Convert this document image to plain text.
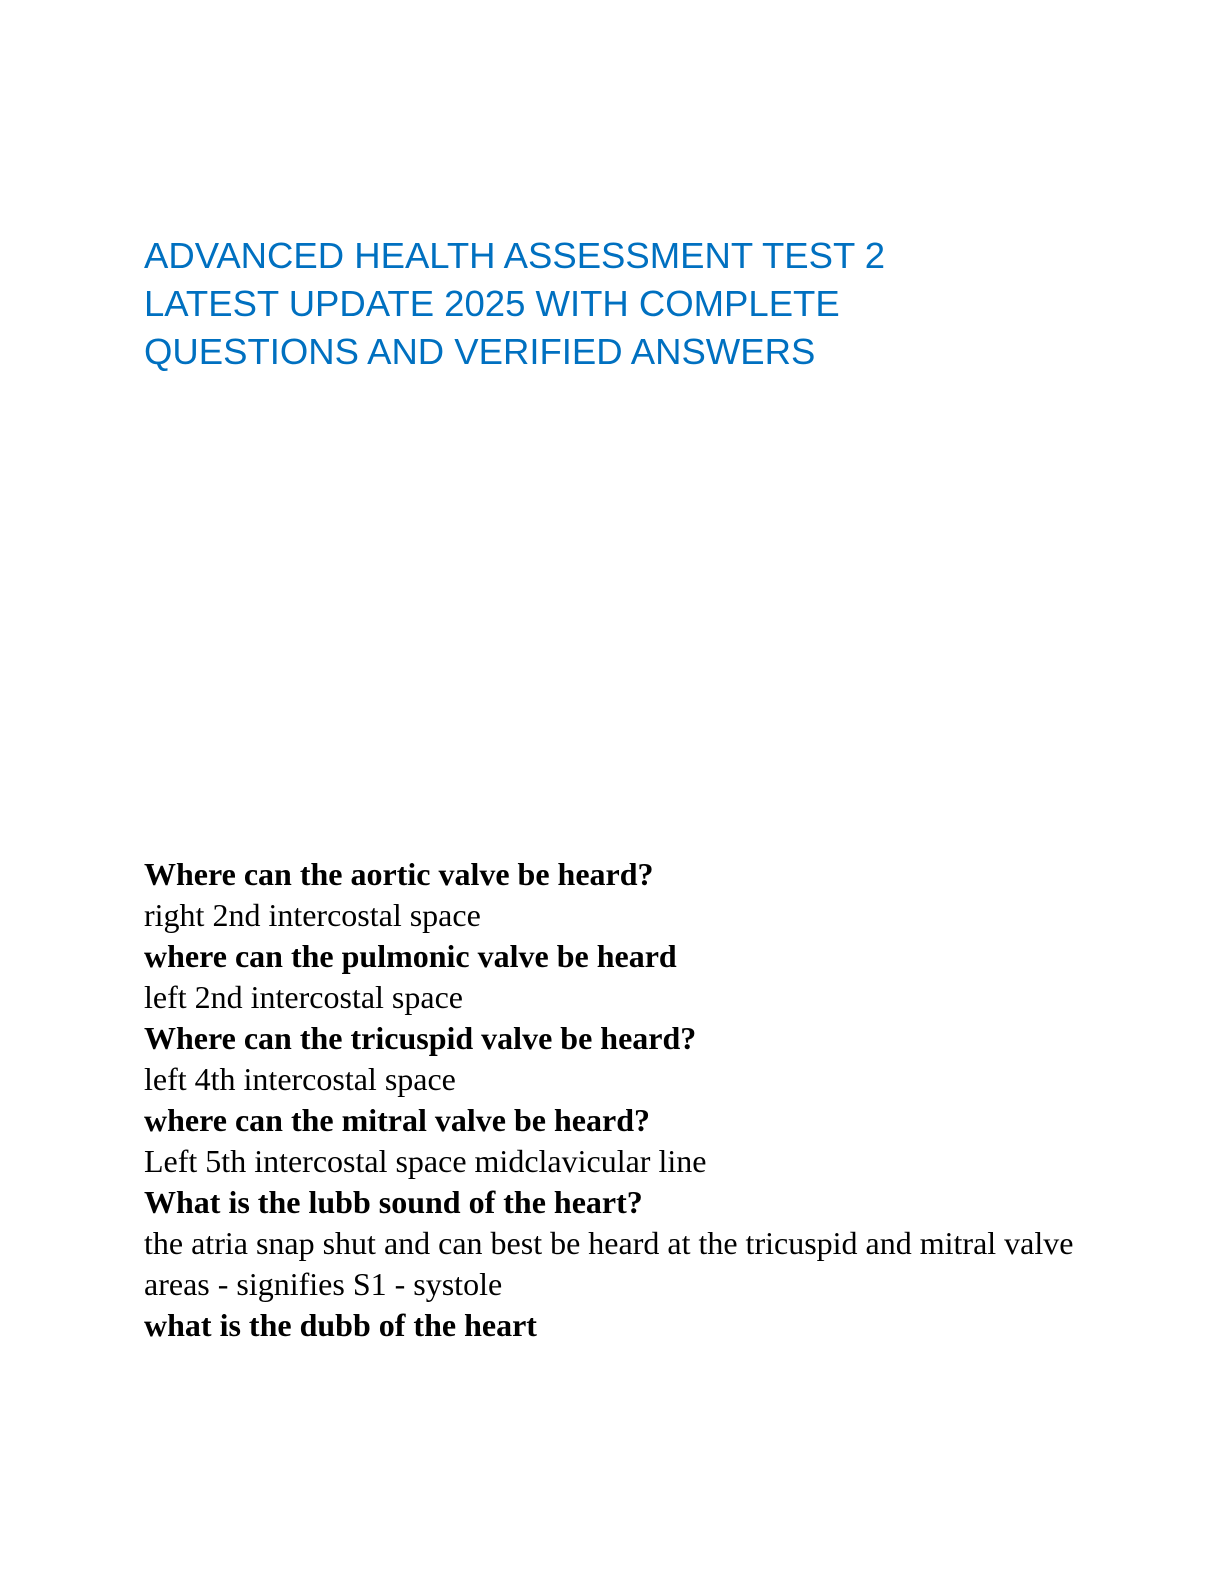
ADVANCED HEALTH ASSESSMENT TEST 2
LATEST UPDATE 2025 WITH COMPLETE
QUESTIONS AND VERIFIED ANSWERS

Where can the aortic valve be heard?

right 2nd intercostal space

where can the pulmonic valve be heard

left 2nd intercostal space

Where can the tricuspid valve be heard?

left 4th intercostal space

where can the mitral valve be heard?

Left 5th intercostal space midclavicular line

What is the lubb sound of the heart?

the atria snap shut and can best be heard at the tricuspid and mitral valve areas - signifies S1 - systole

what is the dubb of the heart
